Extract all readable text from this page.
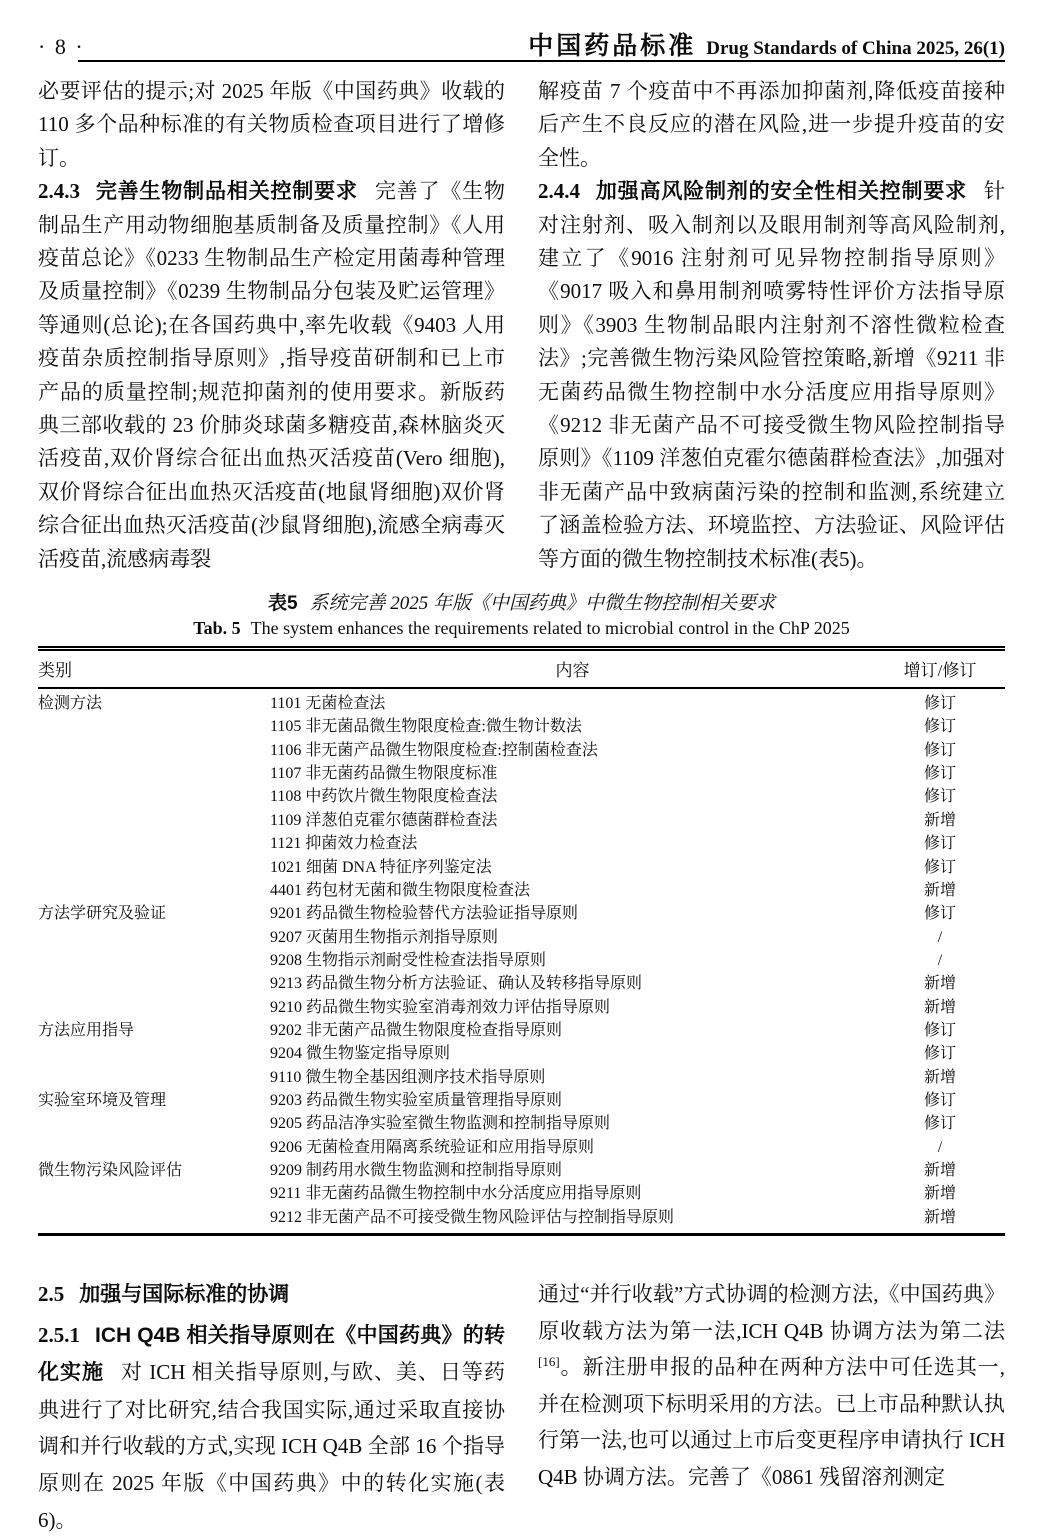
· 8 ·	中国药品标准 Drug Standards of China 2025, 26(1)

必要评估的提示;对 2025 年版《中国药典》收载的 110 多个品种标准的有关物质检查项目进行了增修订。

2.4.3 完善生物制品相关控制要求 完善了《生物制品生产用动物细胞基质制备及质量控制》《人用疫苗总论》《0233 生物制品生产检定用菌毒种管理及质量控制》《0239 生物制品分包装及贮运管理》等通则(总论);在各国药典中,率先收载《9403 人用疫苗杂质控制指导原则》,指导疫苗研制和已上市产品的质量控制;规范抑菌剂的使用要求。新版药典三部收载的 23 价肺炎球菌多糖疫苗,森林脑炎灭活疫苗,双价肾综合征出血热灭活疫苗(Vero 细胞),双价肾综合征出血热灭活疫苗(地鼠肾细胞)双价肾综合征出血热灭活疫苗(沙鼠肾细胞),流感全病毒灭活疫苗,流感病毒裂

解疫苗 7 个疫苗中不再添加抑菌剂,降低疫苗接种后产生不良反应的潜在风险,进一步提升疫苗的安全性。

2.4.4 加强高风险制剂的安全性相关控制要求 针对注射剂、吸入制剂以及眼用制剂等高风险制剂,建立了《9016 注射剂可见异物控制指导原则》《9017 吸入和鼻用制剂喷雾特性评价方法指导原则》《3903 生物制品眼内注射剂不溶性微粒检查法》;完善微生物污染风险管控策略,新增《9211 非无菌药品微生物控制中水分活度应用指导原则》《9212 非无菌产品不可接受微生物风险控制指导原则》《1109 洋葱伯克霍尔德菌群检查法》,加强对非无菌产品中致病菌污染的控制和监测,系统建立了涵盖检验方法、环境监控、方法验证、风险评估等方面的微生物控制技术标准(表5)。

表5 系统完善 2025 年版《中国药典》中微生物控制相关要求
Tab. 5 The system enhances the requirements related to microbial control in the ChP 2025
类别	内容	增订/修订
检测方法	1101 无菌检查法	修订
	1105 非无菌品微生物限度检查:微生物计数法	修订
	1106 非无菌产品微生物限度检查:控制菌检查法	修订
	1107 非无菌药品微生物限度标准	修订
	1108 中药饮片微生物限度检查法	修订
	1109 洋葱伯克霍尔德菌群检查法	新增
	1121 抑菌效力检查法	修订
	1021 细菌 DNA 特征序列鉴定法	修订
	4401 药包材无菌和微生物限度检查法	新增
方法学研究及验证	9201 药品微生物检验替代方法验证指导原则	修订
	9207 灭菌用生物指示剂指导原则	/
	9208 生物指示剂耐受性检查法指导原则	/
	9213 药品微生物分析方法验证、确认及转移指导原则	新增
	9210 药品微生物实验室消毒剂效力评估指导原则	新增
方法应用指导	9202 非无菌产品微生物限度检查指导原则	修订
	9204 微生物鉴定指导原则	修订
	9110 微生物全基因组测序技术指导原则	新增
实验室环境及管理	9203 药品微生物实验室质量管理指导原则	修订
	9205 药品洁净实验室微生物监测和控制指导原则	修订
	9206 无菌检查用隔离系统验证和应用指导原则	/
微生物污染风险评估	9209 制药用水微生物监测和控制指导原则	新增
	9211 非无菌药品微生物控制中水分活度应用指导原则	新增
	9212 非无菌产品不可接受微生物风险评估与控制指导原则	新增

2.5 加强与国际标准的协调

2.5.1 ICH Q4B 相关指导原则在《中国药典》的转化实施 对 ICH 相关指导原则,与欧、美、日等药典进行了对比研究,结合我国实际,通过采取直接协调和并行收载的方式,实现 ICH Q4B 全部 16 个指导原则在 2025 年版《中国药典》中的转化实施(表6)。

通过“并行收载”方式协调的检测方法,《中国药典》原收载方法为第一法,ICH Q4B 协调方法为第二法[16]。新注册申报的品种在两种方法中可任选其一,并在检测项下标明采用的方法。已上市品种默认执行第一法,也可以通过上市后变更程序申请执行 ICH Q4B 协调方法。完善了《0861 残留溶剂测定
